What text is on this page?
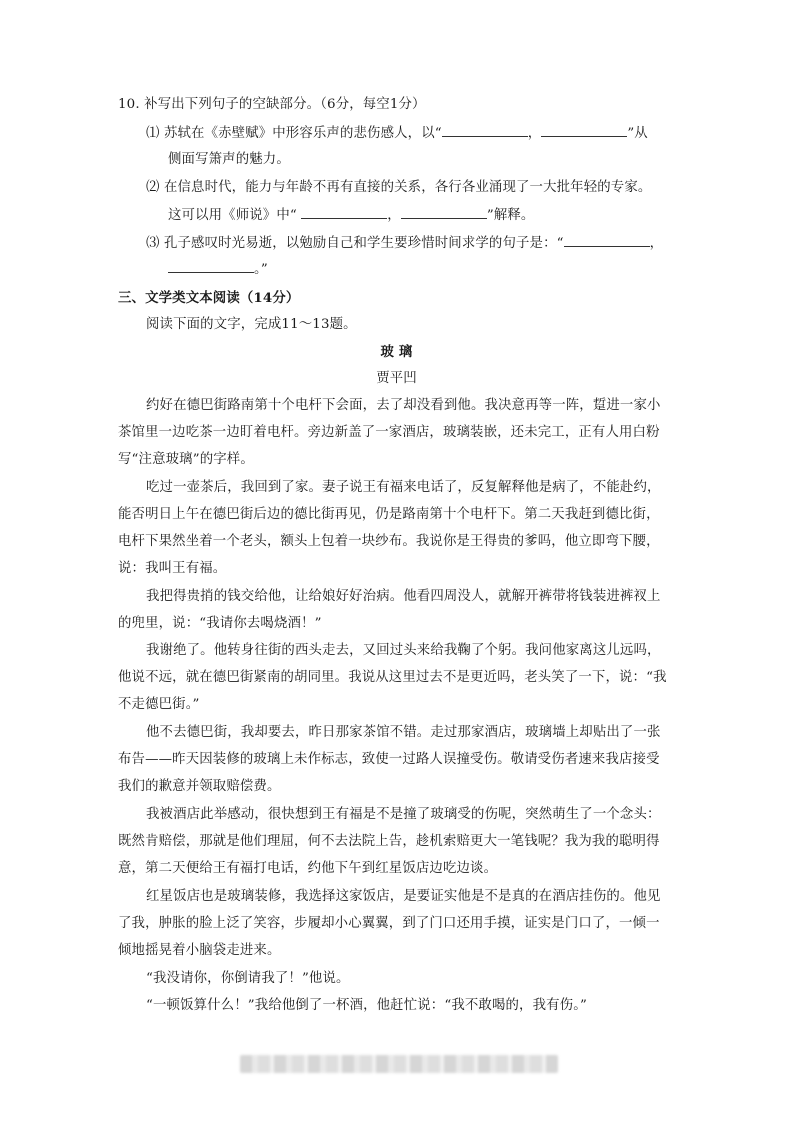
10. 补写出下列句子的空缺部分。（6分，每空1分）
⑴ 苏轼在《赤壁赋》中形容乐声的悲伤感人，以“	，	”从
侧面写箫声的魅力。
⑵ 在信息时代，能力与年龄不再有直接的关系，各行各业涌现了一大批年轻的专家。
这可以用《师说》中“	，	”解释。
⑶ 孔子感叹时光易逝，以勉励自己和学生要珍惜时间求学的句子是：“	，
。”
三、文学类文本阅读（14分）
阅读下面的文字，完成11～13题。
玻 璃
贾平凹
约好在德巴街路南第十个电杆下会面，去了却没看到他。我决意再等一阵，踅进一家小
茶馆里一边吃茶一边盯着电杆。旁边新盖了一家酒店，玻璃装嵌，还未完工，正有人用白粉
写“注意玻璃”的字样。
吃过一壶茶后，我回到了家。妻子说王有福来电话了，反复解释他是病了，不能赴约，
能否明日上午在德巴街后边的德比街再见，仍是路南第十个电杆下。第二天我赶到德比街，
电杆下果然坐着一个老头，额头上包着一块纱布。我说你是王得贵的爹吗，他立即弯下腰，
说：我叫王有福。
我把得贵捎的钱交给他，让给娘好好治病。他看四周没人，就解开裤带将钱装进裤衩上
的兜里，说：“我请你去喝烧酒！”
我谢绝了。他转身往街的西头走去，又回过头来给我鞠了个躬。我问他家离这儿远吗，
他说不远，就在德巴街紧南的胡同里。我说从这里过去不是更近吗，老头笑了一下，说：“我
不走德巴街。”
他不去德巴街，我却要去，昨日那家茶馆不错。走过那家酒店，玻璃墙上却贴出了一张
布告——昨天因装修的玻璃上未作标志，致使一过路人误撞受伤。敬请受伤者速来我店接受
我们的歉意并领取赔偿费。
我被酒店此举感动，很快想到王有福是不是撞了玻璃受的伤呢，突然萌生了一个念头：
既然肯赔偿，那就是他们理屈，何不去法院上告，趁机索赔更大一笔钱呢？我为我的聪明得
意，第二天便给王有福打电话，约他下午到红星饭店边吃边谈。
红星饭店也是玻璃装修，我选择这家饭店，是要证实他是不是真的在酒店挂伤的。他见
了我，肿胀的脸上泛了笑容，步履却小心翼翼，到了门口还用手摸，证实是门口了，一倾一
倾地摇晃着小脑袋走进来。
“我没请你，你倒请我了！”他说。
“一顿饭算什么！”我给他倒了一杯酒，他赶忙说：“我不敢喝的，我有伤。”
